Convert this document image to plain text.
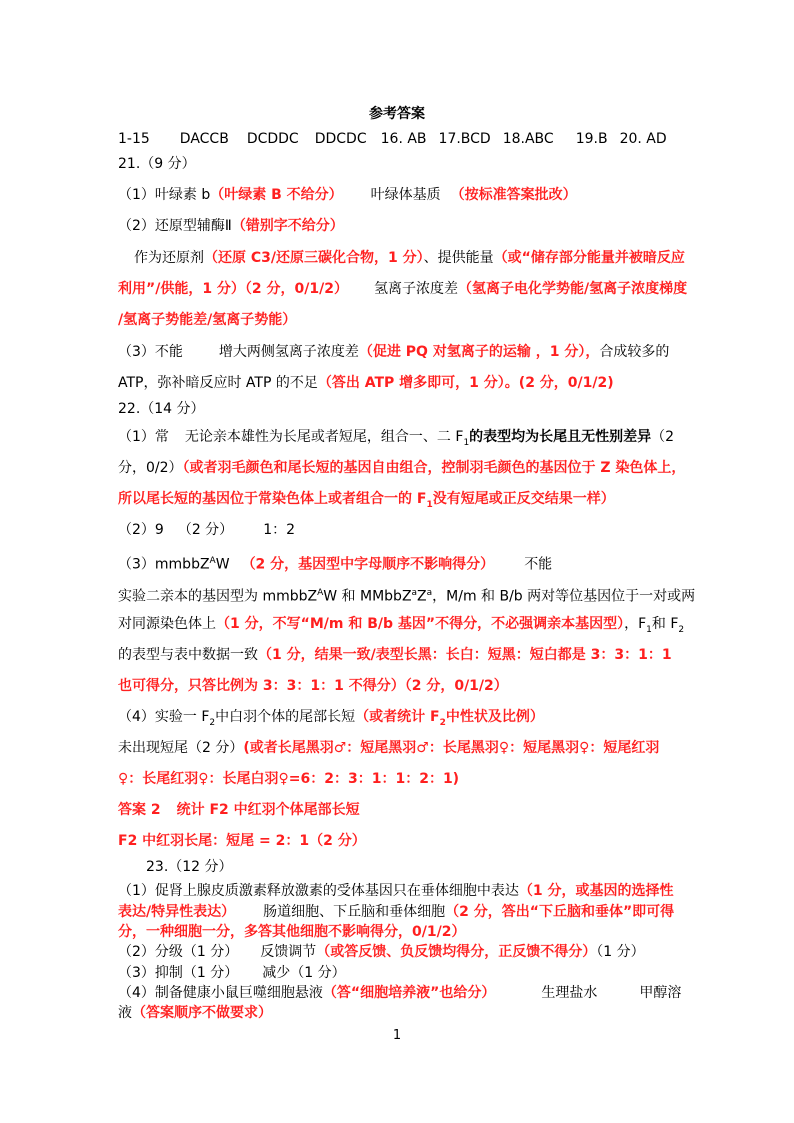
参考答案
1-15 DACCB DCDDC DDCDC 16. AB 17.BCD 18.ABC 19.B 20. AD
21.（9 分）
（1）叶绿素 b（叶绿素 B 不给分） 叶绿体基质 （按标准答案批改）
（2）还原型辅酶Ⅱ（错别字不给分）
作为还原剂（还原 C3/还原三碳化合物，1 分）、提供能量（或“储存部分能量并被暗反应
利用”/供能，1 分）（2 分，0/1/2） 氢离子浓度差（氢离子电化学势能/氢离子浓度梯度
/氢离子势能差/氢离子势能）
（3）不能	增大两侧氢离子浓度差（促进 PQ 对氢离子的运输 ，1 分），合成较多的
ATP，弥补暗反应时 ATP 的不足（答出 ATP 增多即可，1 分）。(2 分，0/1/2)
22.（14 分）
（1）常 无论亲本雄性为长尾或者短尾，组合一、二 $F_1$的表型均为长尾且无性别差异（2
分，0/2）（或者羽毛颜色和尾长短的基因自由组合，控制羽毛颜色的基因位于 Z 染色体上，
所以尾长短的基因位于常染色体上或者组合一的 $F_1$没有短尾或正反交结果一样）
（2）9 （2 分） 1：2
（3）mmbbZ$^A$W （2 分，基因型中字母顺序不影响得分） 不能
实验二亲本的基因型为 mmbbZ$^A$W 和 $MMbbZ^aZ^a$，M/m 和 B/b 两对等位基因位于一对或两
对同源染色体上（1 分，不写“M/m 和 B/b 基因”不得分，不必强调亲本基因型），$F_1$和 $F_2$
的表型与表中数据一致（1 分，结果一致/表型长黑：长白：短黑：短白都是 3：3：1：1
也可得分，只答比例为 3：3：1：1 不得分）（2 分，0/1/2）
（4）实验一 $F_2$中白羽个体的尾部长短（或者统计 $F_2$中性状及比例）
未出现短尾（2 分）(或者长尾黑羽♂：短尾黑羽♂：长尾黑羽♀：短尾黑羽♀：短尾红羽
♀：长尾红羽♀：长尾白羽♀=6：2：3：1：1：2：1)
答案 2 统计 F2 中红羽个体尾部长短
F2 中红羽长尾：短尾 = 2：1（2 分）
23.（12 分）
（1）促肾上腺皮质激素释放激素的受体基因只在垂体细胞中表达（1 分，或基因的选择性
表达/特异性表达） 肠道细胞、下丘脑和垂体细胞（2 分，答出“下丘脑和垂体”即可得
分，一种细胞一分，多答其他细胞不影响得分，0/1/2）
（2）分级（1 分） 反馈调节（或答反馈、负反馈均得分，正反馈不得分）（1 分）
（3）抑制（1 分） 减少（1 分）
（4）制备健康小鼠巨噬细胞悬液（答“细胞培养液”也给分）	生理盐水	甲醇溶
液（答案顺序不做要求）
1
